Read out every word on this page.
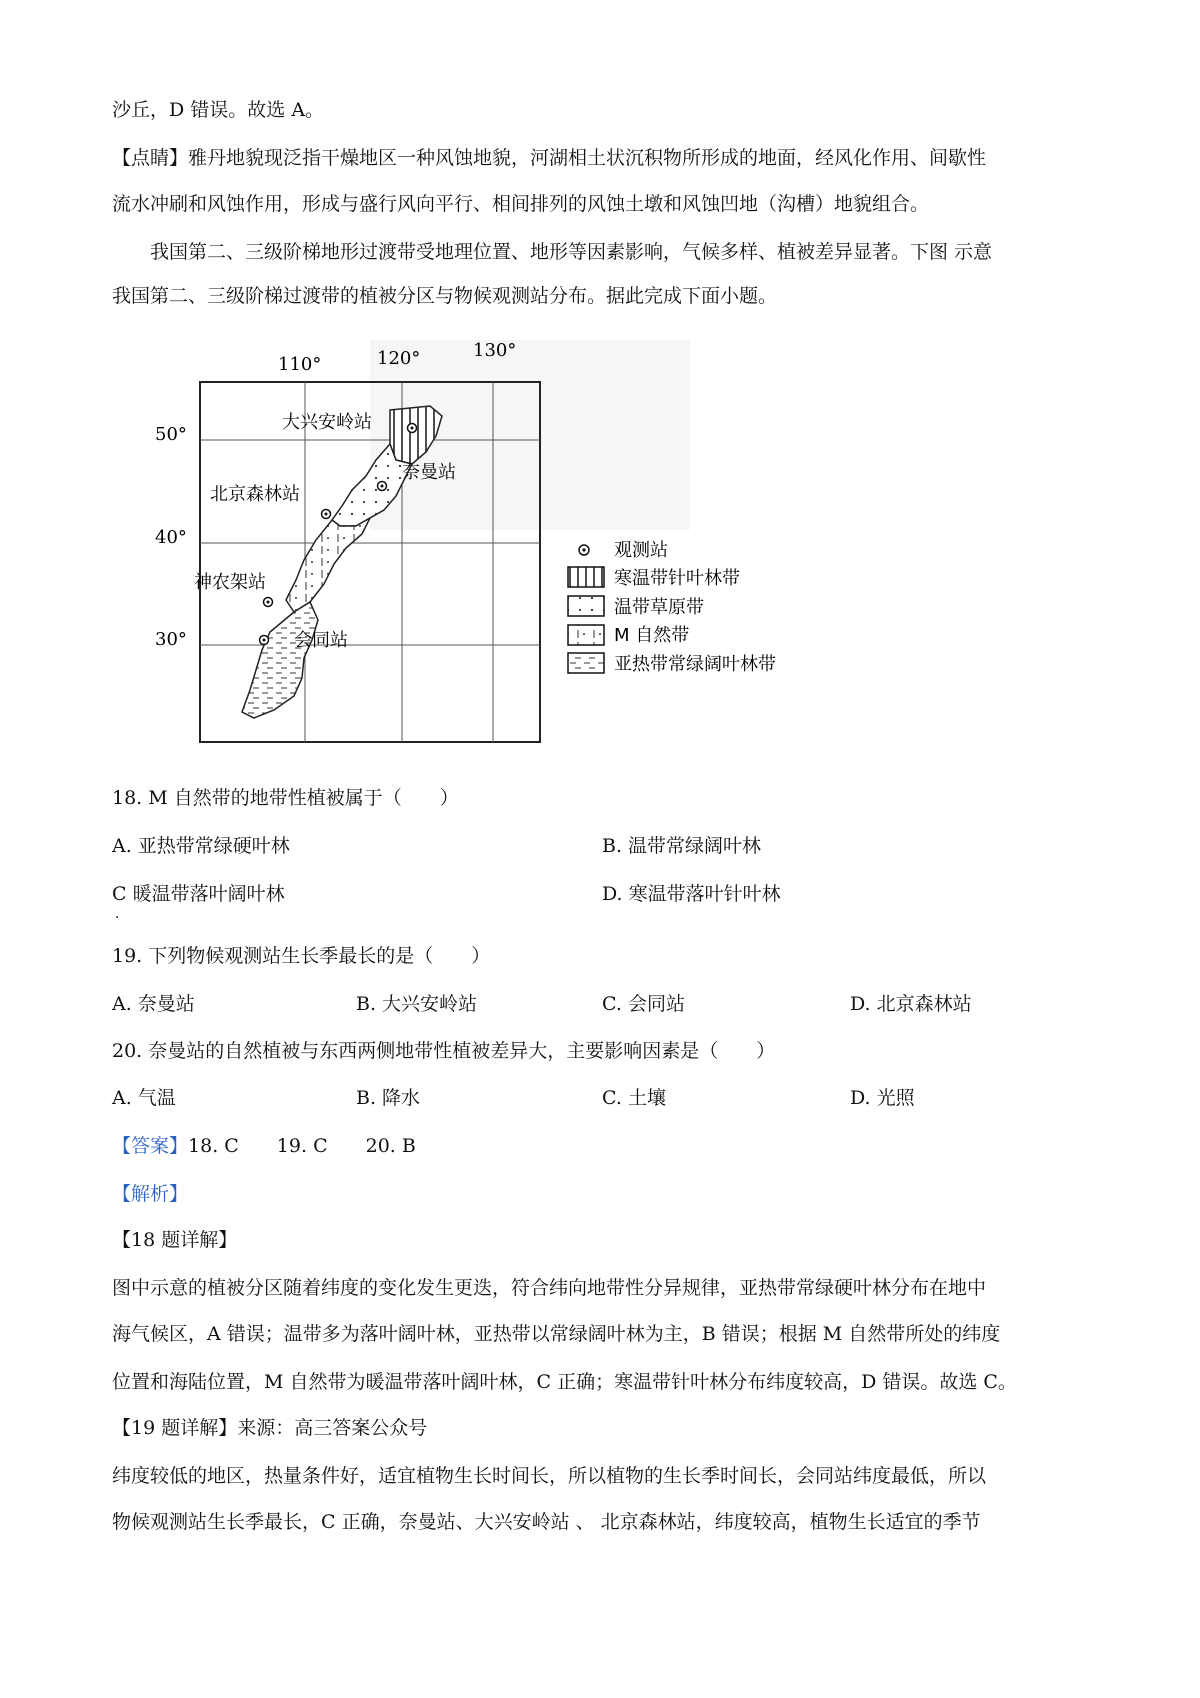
沙丘，D 错误。故选 A。
【点睛】雅丹地貌现泛指干燥地区一种风蚀地貌，河湖相土状沉积物所形成的地面，经风化作用、间歇性
流水冲刷和风蚀作用，形成与盛行风向平行、相间排列的风蚀土墩和风蚀凹地（沟槽）地貌组合。
我国第二、三级阶梯地形过渡带受地理位置、地形等因素影响，气候多样、植被差异显著。下图 示意
我国第二、三级阶梯过渡带的植被分区与物候观测站分布。据此完成下面小题。
110°	120°	130°
50°
40°
30°
大兴安岭站
奈曼站
北京森林站
神农架站
会同站
观测站
寒温带针叶林带
温带草原带
M 自然带
亚热带常绿阔叶林带
18. M 自然带的地带性植被属于（　　）
A. 亚热带常绿硬叶林	B. 温带常绿阔叶林
C 暖温带落叶阔叶林	D. 寒温带落叶针叶林
·
19. 下列物候观测站生长季最长的是（　　）
A. 奈曼站	B. 大兴安岭站	C. 会同站	D. 北京森林站
20. 奈曼站的自然植被与东西两侧地带性植被差异大，主要影响因素是（　　）
A. 气温	B. 降水	C. 土壤	D. 光照
【答案】18. C　　19. C　　20. B
【解析】
【18 题详解】
图中示意的植被分区随着纬度的变化发生更迭，符合纬向地带性分异规律，亚热带常绿硬叶林分布在地中
海气候区，A 错误；温带多为落叶阔叶林，亚热带以常绿阔叶林为主，B 错误；根据 M 自然带所处的纬度
位置和海陆位置，M 自然带为暖温带落叶阔叶林，C 正确；寒温带针叶林分布纬度较高，D 错误。故选 C。
【19 题详解】来源：高三答案公众号
纬度较低的地区，热量条件好，适宜植物生长时间长，所以植物的生长季时间长，会同站纬度最低，所以
物候观测站生长季最长，C 正确，奈曼站、大兴安岭站 、 北京森林站，纬度较高，植物生长适宜的季节
